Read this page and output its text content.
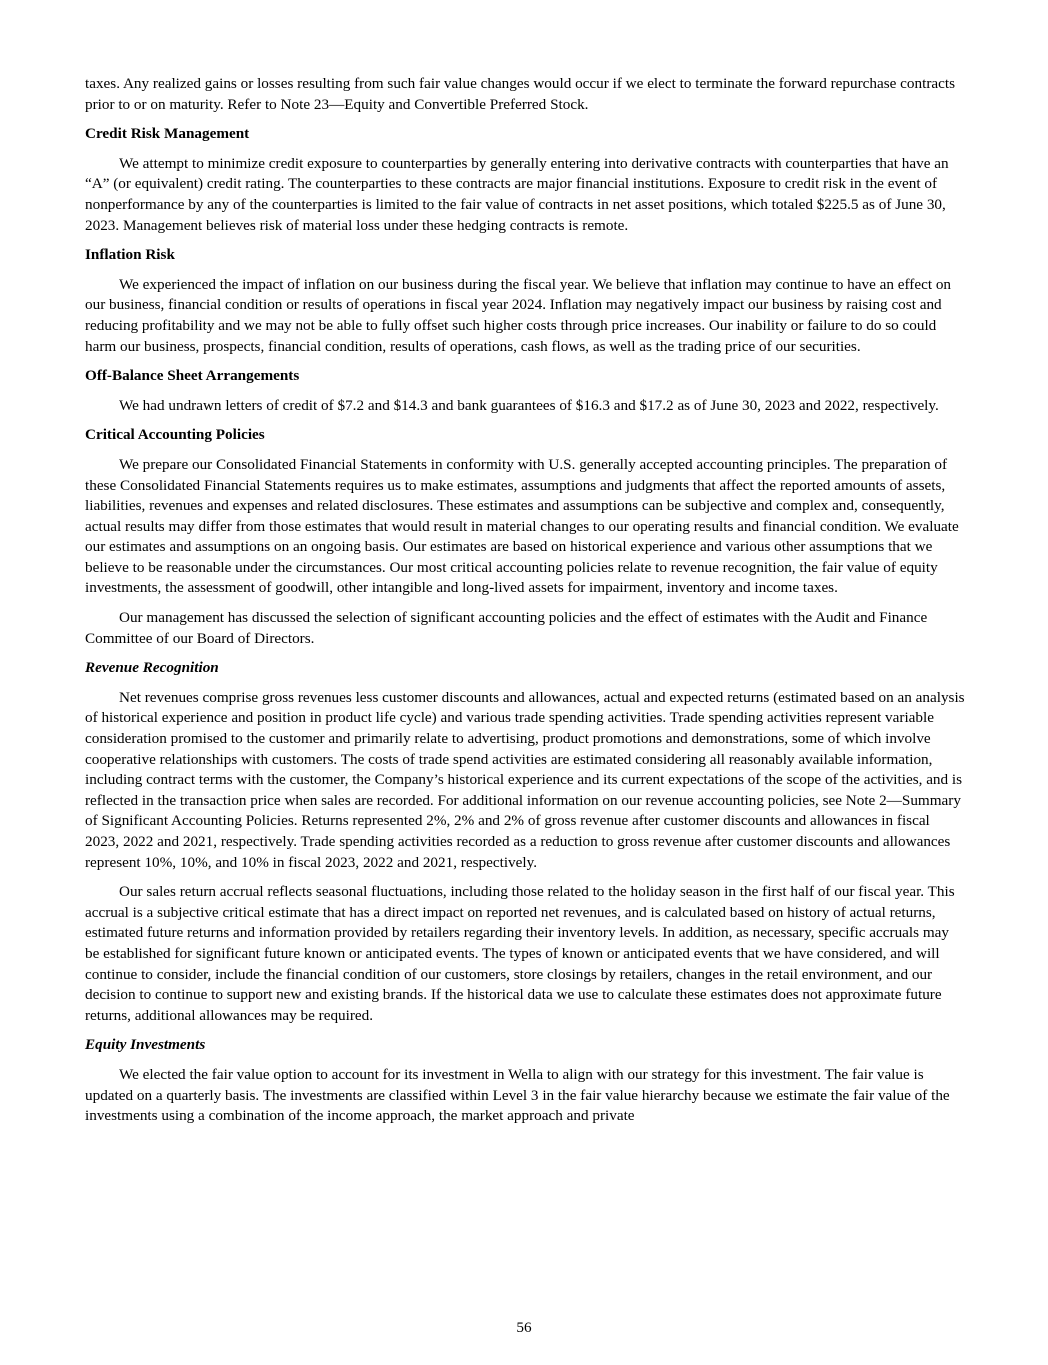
taxes. Any realized gains or losses resulting from such fair value changes would occur if we elect to terminate the forward repurchase contracts prior to or on maturity. Refer to Note 23—Equity and Convertible Preferred Stock.

Credit Risk Management

We attempt to minimize credit exposure to counterparties by generally entering into derivative contracts with counterparties that have an “A” (or equivalent) credit rating. The counterparties to these contracts are major financial institutions. Exposure to credit risk in the event of nonperformance by any of the counterparties is limited to the fair value of contracts in net asset positions, which totaled $225.5 as of June 30, 2023. Management believes risk of material loss under these hedging contracts is remote.

Inflation Risk

We experienced the impact of inflation on our business during the fiscal year. We believe that inflation may continue to have an effect on our business, financial condition or results of operations in fiscal year 2024. Inflation may negatively impact our business by raising cost and reducing profitability and we may not be able to fully offset such higher costs through price increases. Our inability or failure to do so could harm our business, prospects, financial condition, results of operations, cash flows, as well as the trading price of our securities.

Off-Balance Sheet Arrangements

We had undrawn letters of credit of $7.2 and $14.3 and bank guarantees of $16.3 and $17.2 as of June 30, 2023 and 2022, respectively.

Critical Accounting Policies

We prepare our Consolidated Financial Statements in conformity with U.S. generally accepted accounting principles. The preparation of these Consolidated Financial Statements requires us to make estimates, assumptions and judgments that affect the reported amounts of assets, liabilities, revenues and expenses and related disclosures. These estimates and assumptions can be subjective and complex and, consequently, actual results may differ from those estimates that would result in material changes to our operating results and financial condition. We evaluate our estimates and assumptions on an ongoing basis. Our estimates are based on historical experience and various other assumptions that we believe to be reasonable under the circumstances. Our most critical accounting policies relate to revenue recognition, the fair value of equity investments, the assessment of goodwill, other intangible and long-lived assets for impairment, inventory and income taxes.

Our management has discussed the selection of significant accounting policies and the effect of estimates with the Audit and Finance Committee of our Board of Directors.

Revenue Recognition

Net revenues comprise gross revenues less customer discounts and allowances, actual and expected returns (estimated based on an analysis of historical experience and position in product life cycle) and various trade spending activities. Trade spending activities represent variable consideration promised to the customer and primarily relate to advertising, product promotions and demonstrations, some of which involve cooperative relationships with customers. The costs of trade spend activities are estimated considering all reasonably available information, including contract terms with the customer, the Company’s historical experience and its current expectations of the scope of the activities, and is reflected in the transaction price when sales are recorded. For additional information on our revenue accounting policies, see Note 2—Summary of Significant Accounting Policies. Returns represented 2%, 2% and 2% of gross revenue after customer discounts and allowances in fiscal 2023, 2022 and 2021, respectively. Trade spending activities recorded as a reduction to gross revenue after customer discounts and allowances represent 10%, 10%, and 10% in fiscal 2023, 2022 and 2021, respectively.

Our sales return accrual reflects seasonal fluctuations, including those related to the holiday season in the first half of our fiscal year. This accrual is a subjective critical estimate that has a direct impact on reported net revenues, and is calculated based on history of actual returns, estimated future returns and information provided by retailers regarding their inventory levels. In addition, as necessary, specific accruals may be established for significant future known or anticipated events. The types of known or anticipated events that we have considered, and will continue to consider, include the financial condition of our customers, store closings by retailers, changes in the retail environment, and our decision to continue to support new and existing brands. If the historical data we use to calculate these estimates does not approximate future returns, additional allowances may be required.

Equity Investments

We elected the fair value option to account for its investment in Wella to align with our strategy for this investment. The fair value is updated on a quarterly basis. The investments are classified within Level 3 in the fair value hierarchy because we estimate the fair value of the investments using a combination of the income approach, the market approach and private

56
